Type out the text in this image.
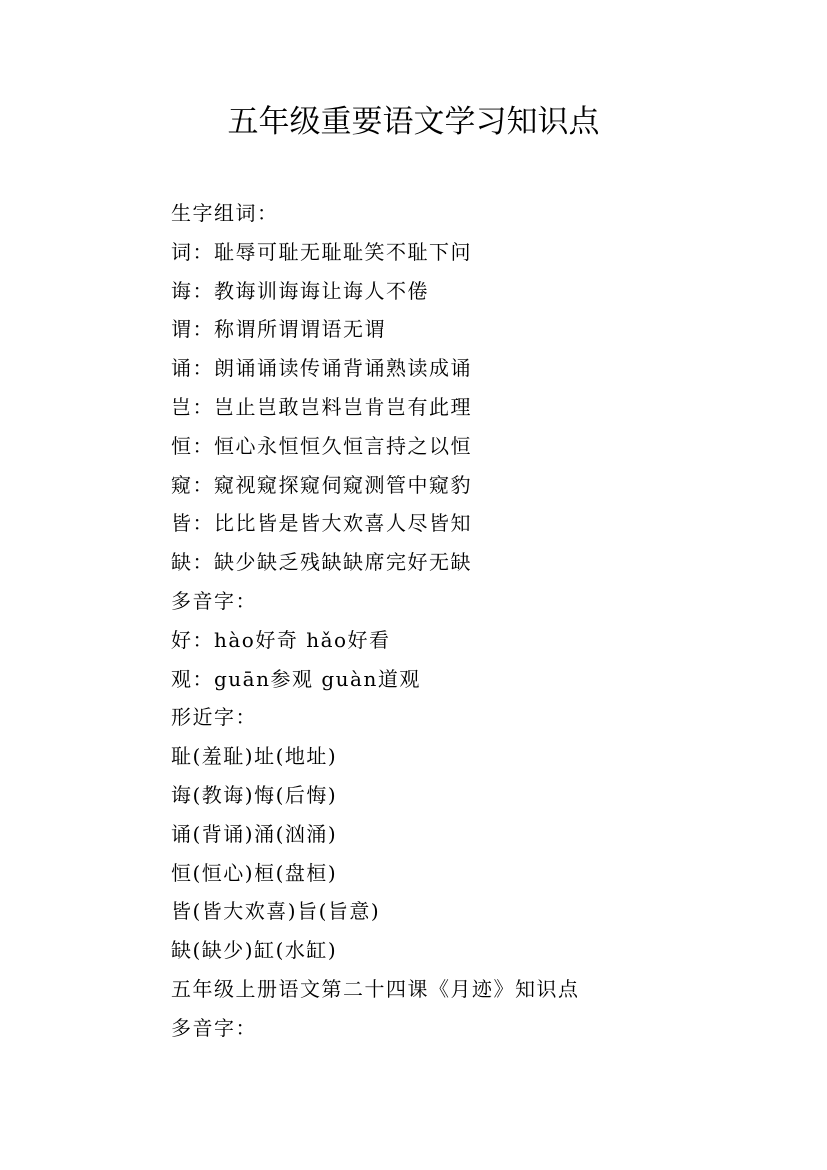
五年级重要语文学习知识点
生字组词：
词：耻辱可耻无耻耻笑不耻下问
诲：教诲训诲诲让诲人不倦
谓：称谓所谓谓语无谓
诵：朗诵诵读传诵背诵熟读成诵
岂：岂止岂敢岂料岂肯岂有此理
恒：恒心永恒恒久恒言持之以恒
窥：窥视窥探窥伺窥测管中窥豹
皆：比比皆是皆大欢喜人尽皆知
缺：缺少缺乏残缺缺席完好无缺
多音字：
好：hào好奇 hǎo好看
观：guān参观 guàn道观
形近字：
耻(羞耻)址(地址)
诲(教诲)悔(后悔)
诵(背诵)涌(汹涌)
恒(恒心)桓(盘桓)
皆(皆大欢喜)旨(旨意)
缺(缺少)缸(水缸)
五年级上册语文第二十四课《月迹》知识点
多音字：
